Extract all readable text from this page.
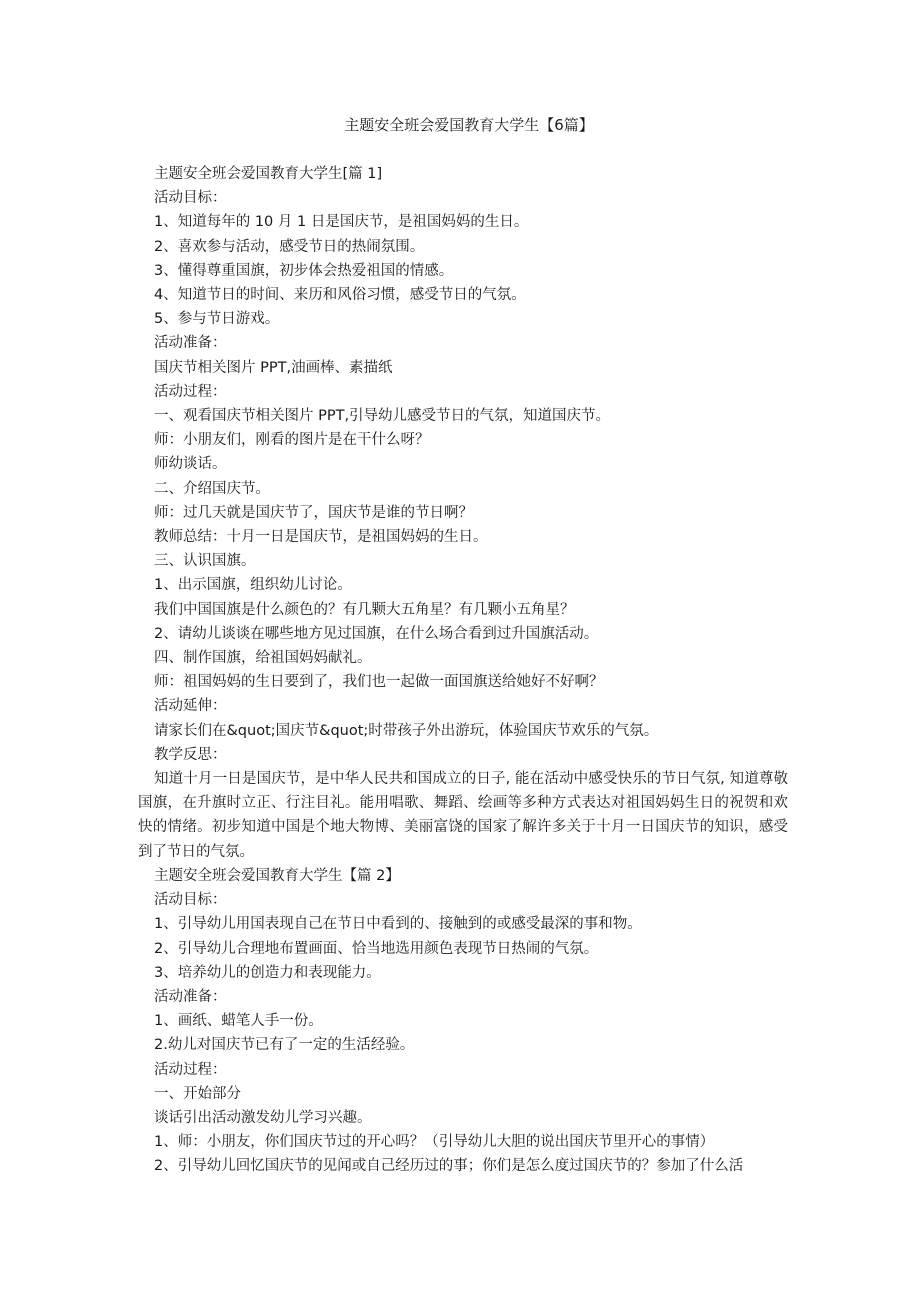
主题安全班会爱国教育大学生【6篇】
主题安全班会爱国教育大学生[篇 1]
活动目标：
1、知道每年的 10 月 1 日是国庆节，是祖国妈妈的生日。
2、喜欢参与活动，感受节日的热闹氛围。
3、懂得尊重国旗，初步体会热爱祖国的情感。
4、知道节日的时间、来历和风俗习惯，感受节日的气氛。
5、参与节日游戏。
活动准备：
国庆节相关图片 PPT,油画棒、素描纸
活动过程：
一、观看国庆节相关图片 PPT,引导幼儿感受节日的气氛，知道国庆节。
师：小朋友们，刚看的图片是在干什么呀？
师幼谈话。
二、介绍国庆节。
师：过几天就是国庆节了，国庆节是谁的节日啊？
教师总结：十月一日是国庆节，是祖国妈妈的生日。
三、认识国旗。
1、出示国旗，组织幼儿讨论。
我们中国国旗是什么颜色的？有几颗大五角星？有几颗小五角星？
2、请幼儿谈谈在哪些地方见过国旗，在什么场合看到过升国旗活动。
四、制作国旗，给祖国妈妈献礼。
师：祖国妈妈的生日要到了，我们也一起做一面国旗送给她好不好啊？
活动延伸：
请家长们在&quot;国庆节&quot;时带孩子外出游玩，体验国庆节欢乐的气氛。
教学反思：
知道十月一日是国庆节，是中华人民共和国成立的日子, 能在活动中感受快乐的节日气氛, 知道尊敬国旗，在升旗时立正、行注目礼。能用唱歌、舞蹈、绘画等多种方式表达对祖国妈妈生日的祝贺和欢快的情绪。初步知道中国是个地大物博、美丽富饶的国家了解许多关于十月一日国庆节的知识，感受到了节日的气氛。
主题安全班会爱国教育大学生【篇 2】
活动目标：
1、引导幼儿用国表现自己在节日中看到的、接触到的或感受最深的事和物。
2、引导幼儿合理地布置画面、恰当地选用颜色表现节日热闹的气氛。
3、培养幼儿的创造力和表现能力。
活动准备：
1、画纸、蜡笔人手一份。
2.幼儿对国庆节已有了一定的生活经验。
活动过程：
一、开始部分
谈话引出活动激发幼儿学习兴趣。
1、师：小朋友，你们国庆节过的开心吗？（引导幼儿大胆的说出国庆节里开心的事情）
2、引导幼儿回忆国庆节的见闻或自己经历过的事；你们是怎么度过国庆节的？参加了什么活
